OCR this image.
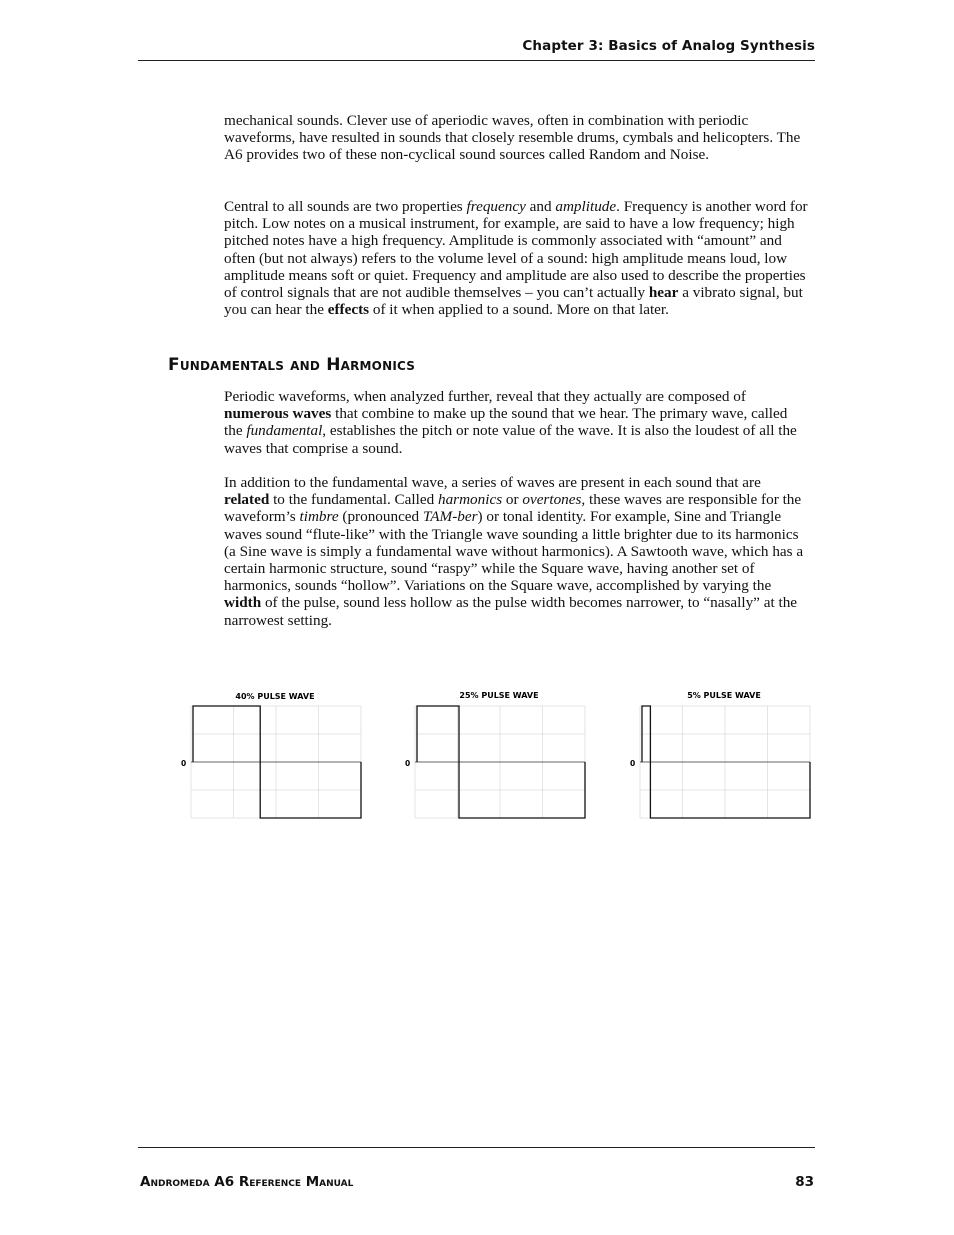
Chapter 3: Basics of Analog Synthesis

mechanical sounds. Clever use of aperiodic waves, often in combination with periodic waveforms, have resulted in sounds that closely resemble drums, cymbals and helicopters. The A6 provides two of these non-cyclical sound sources called Random and Noise.

Central to all sounds are two properties frequency and amplitude. Frequency is another word for pitch. Low notes on a musical instrument, for example, are said to have a low frequency; high pitched notes have a high frequency. Amplitude is commonly associated with “amount” and often (but not always) refers to the volume level of a sound: high amplitude means loud, low amplitude means soft or quiet. Frequency and amplitude are also used to describe the properties of control signals that are not audible themselves – you can’t actually hear a vibrato signal, but you can hear the effects of it when applied to a sound. More on that later.

Fundamentals and Harmonics

Periodic waveforms, when analyzed further, reveal that they actually are composed of numerous waves that combine to make up the sound that we hear. The primary wave, called the fundamental, establishes the pitch or note value of the wave. It is also the loudest of all the waves that comprise a sound.

In addition to the fundamental wave, a series of waves are present in each sound that are related to the fundamental. Called harmonics or overtones, these waves are responsible for the waveform’s timbre (pronounced TAM-ber) or tonal identity. For example, Sine and Triangle waves sound “flute-like” with the Triangle wave sounding a little brighter due to its harmonics (a Sine wave is simply a fundamental wave without harmonics). A Sawtooth wave, which has a certain harmonic structure, sound “raspy” while the Square wave, having another set of harmonics, sounds “hollow”. Variations on the Square wave, accomplished by varying the width of the pulse, sound less hollow as the pulse width becomes narrower, to “nasally” at the narrowest setting.

40% PULSE WAVE
0
25% PULSE WAVE
0
5% PULSE WAVE
0
Andromeda A6 Reference Manual	83
